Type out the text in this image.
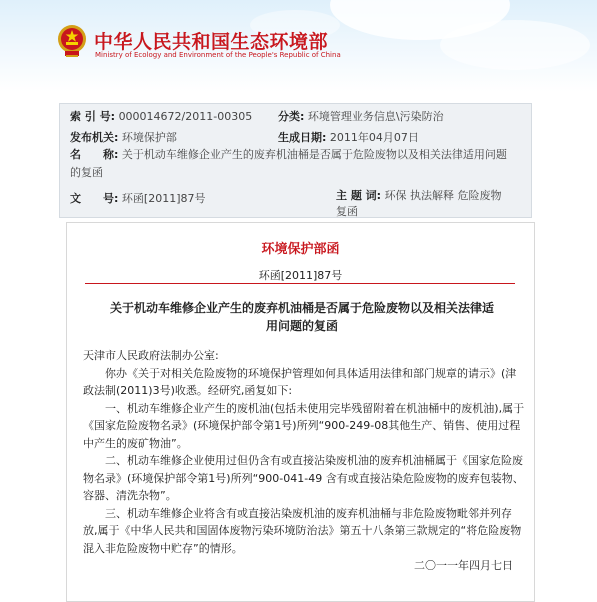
中华人民共和国生态环境部
Ministry of Ecology and Environment of the People's Republic of China
索 引 号: 000014672/2011-00305 分类: 环境管理业务信息\污染防治
发布机关: 环境保护部	生成日期: 2011年04月07日
名　　称: 关于机动车维修企业产生的废弃机油桶是否属于危险废物以及相关法律适用问题的复函
文　　号: 环函[2011]87号	主 题 词: 环保 执法解释 危险废物 复函
环境保护部函
环函[2011]87号
关于机动车维修企业产生的废弃机油桶是否属于危险废物以及相关法律适用问题的复函

天津市人民政府法制办公室:

你办《关于对相关危险废物的环境保护管理如何具体适用法律和部门规章的请示》(津政法制(2011)3号)收悉。经研究,函复如下:

一、机动车维修企业产生的废机油(包括未使用完毕残留附着在机油桶中的废机油),属于《国家危险废物名录》(环境保护部令第1号)所列“900-249-08其他生产、销售、使用过程中产生的废矿物油”。

二、机动车维修企业使用过但仍含有或直接沾染废机油的废弃机油桶属于《国家危险废物名录》(环境保护部令第1号)所列“900-041-49 含有或直接沾染危险废物的废弃包装物、容器、清洗杂物”。

三、机动车维修企业将含有或直接沾染废机油的废弃机油桶与非危险废物毗邻并列存放,属于《中华人民共和国固体废物污染环境防治法》第五十八条第三款规定的“将危险废物混入非危险废物中贮存”的情形。

二〇一一年四月七日
